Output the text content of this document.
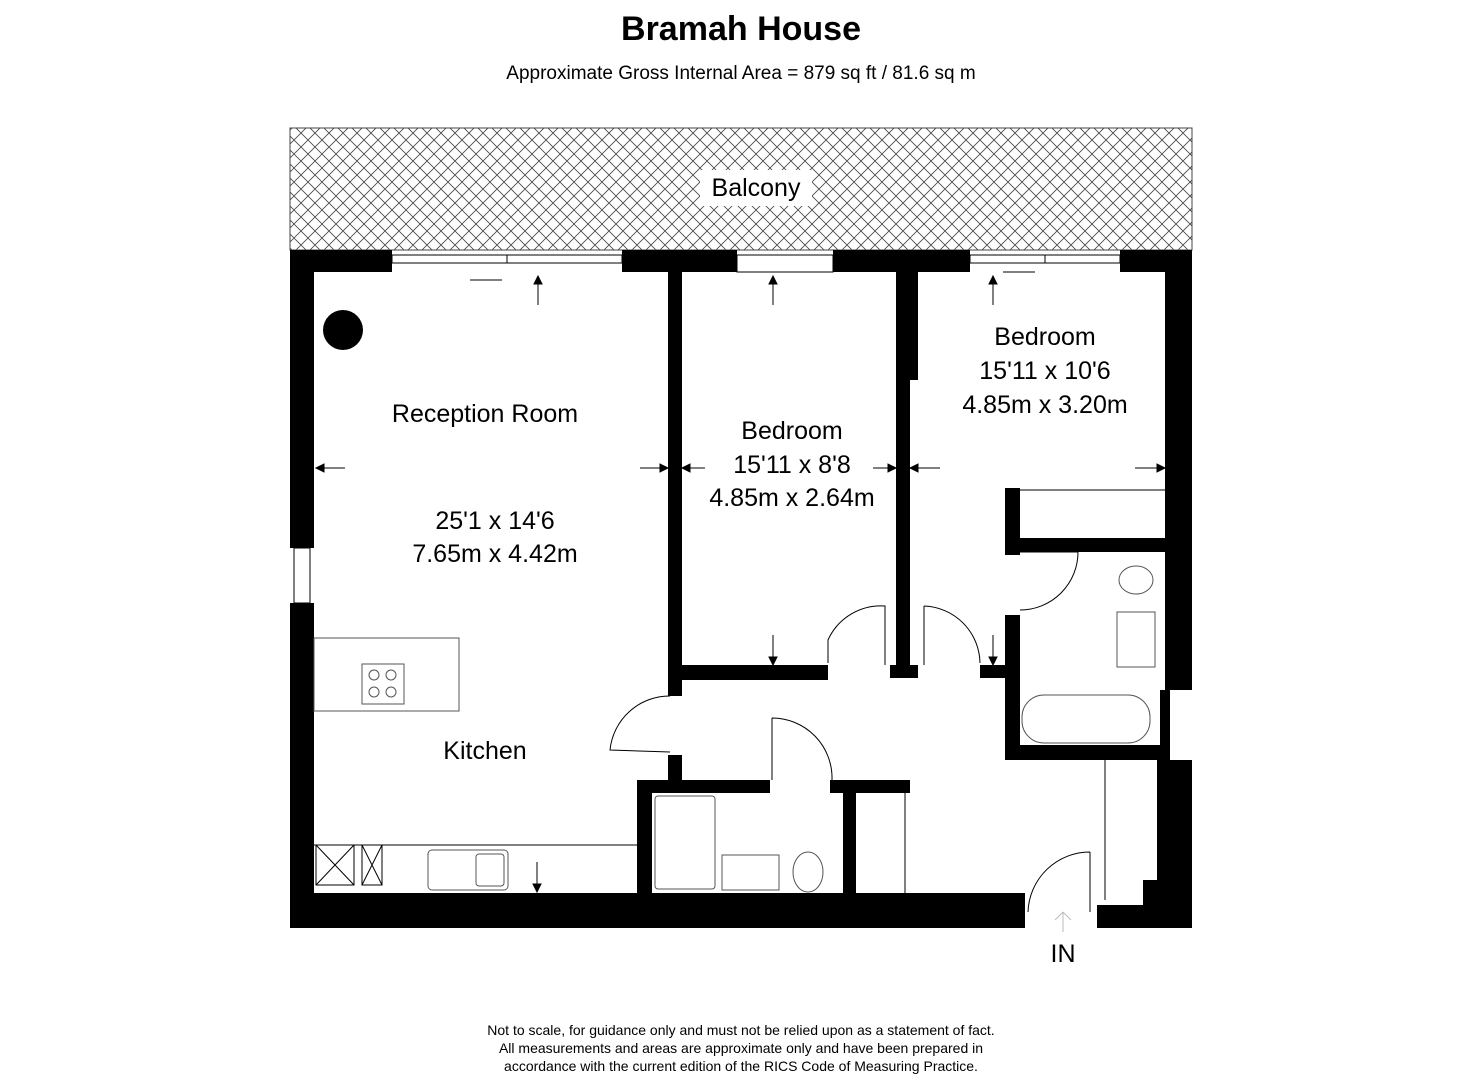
Bramah House
Approximate Gross Internal Area = 879 sq ft / 81.6 sq m
Balcony
Reception Room
25'1 x 14'6
7.65m x 4.42m
Kitchen
Bedroom
15'11 x 8'8
4.85m x 2.64m
Bedroom
15'11 x 10'6
4.85m x 3.20m
IN
Not to scale, for guidance only and must not be relied upon as a statement of fact.
All measurements and areas are approximate only and have been prepared in
accordance with the current edition of the RICS Code of Measuring Practice.
